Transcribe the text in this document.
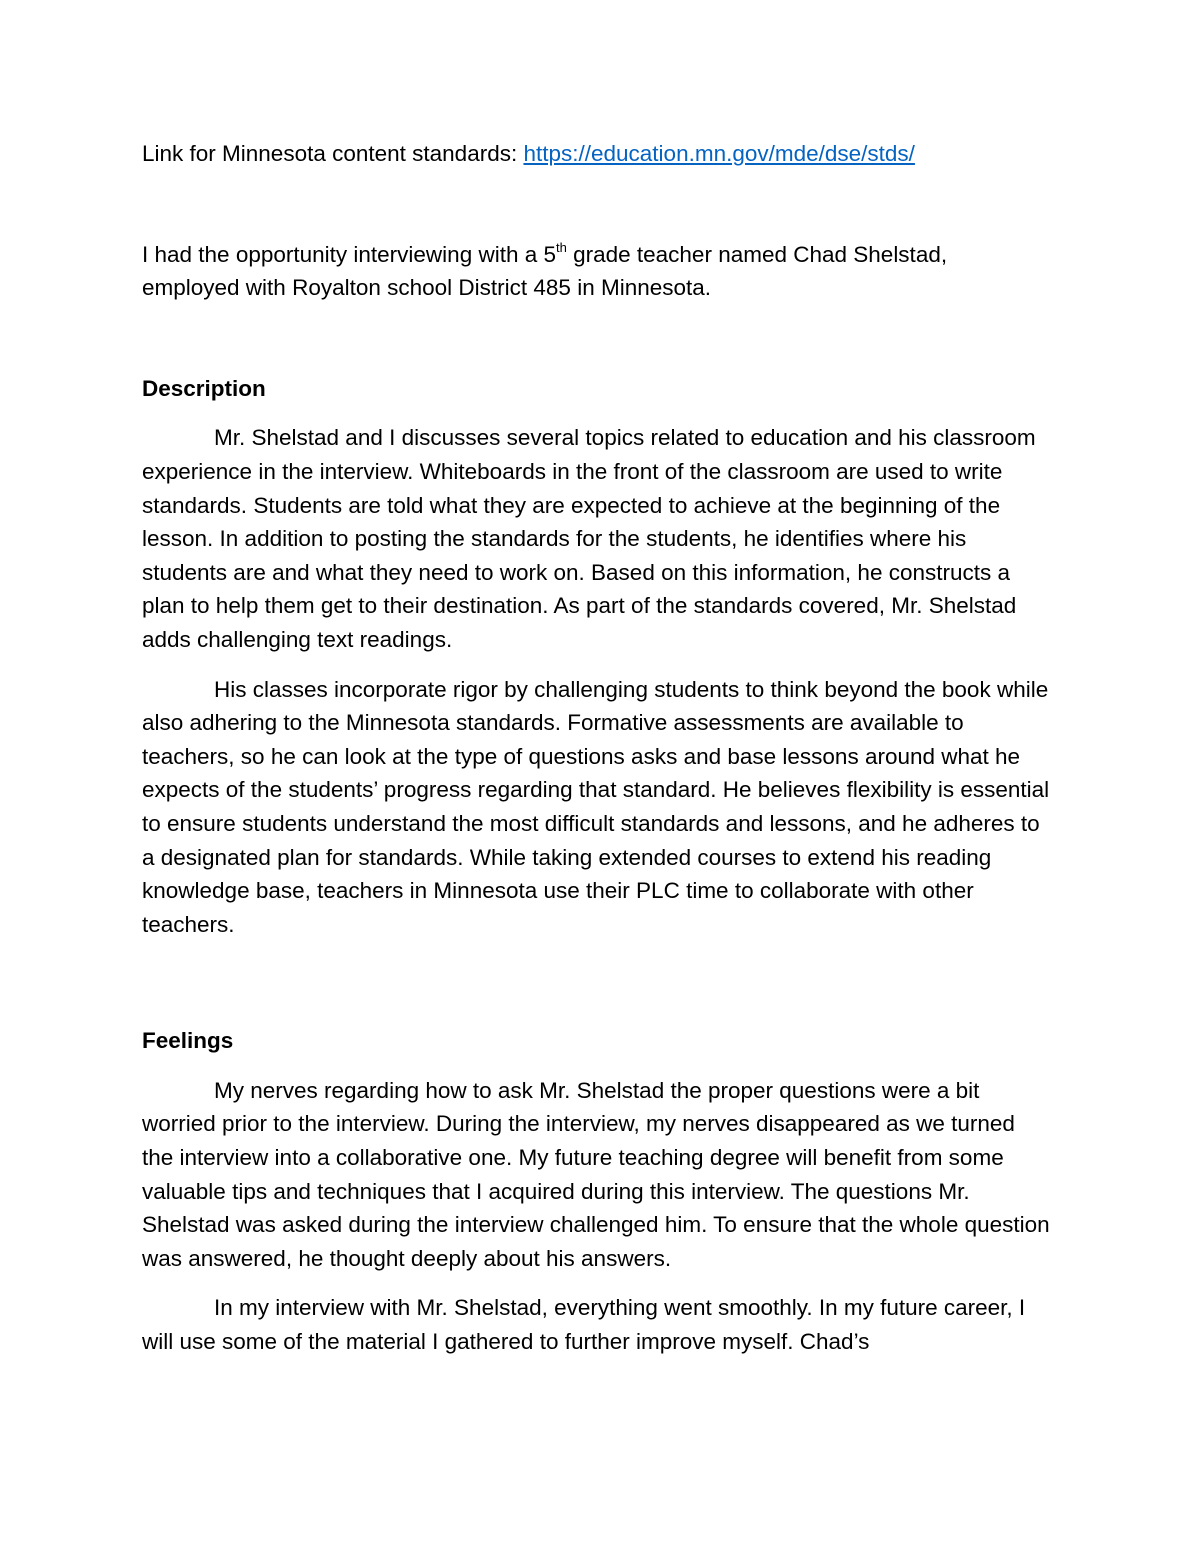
Link for Minnesota content standards: https://education.mn.gov/mde/dse/stds/

I had the opportunity interviewing with a 5th grade teacher named Chad Shelstad, employed with Royalton school District 485 in Minnesota.

Description

Mr. Shelstad and I discusses several topics related to education and his classroom experience in the interview. Whiteboards in the front of the classroom are used to write standards. Students are told what they are expected to achieve at the beginning of the lesson. In addition to posting the standards for the students, he identifies where his students are and what they need to work on. Based on this information, he constructs a plan to help them get to their destination. As part of the standards covered, Mr. Shelstad adds challenging text readings.

His classes incorporate rigor by challenging students to think beyond the book while also adhering to the Minnesota standards. Formative assessments are available to teachers, so he can look at the type of questions asks and base lessons around what he expects of the students’ progress regarding that standard. He believes flexibility is essential to ensure students understand the most difficult standards and lessons, and he adheres to a designated plan for standards. While taking extended courses to extend his reading knowledge base, teachers in Minnesota use their PLC time to collaborate with other teachers.

Feelings

My nerves regarding how to ask Mr. Shelstad the proper questions were a bit worried prior to the interview. During the interview, my nerves disappeared as we turned the interview into a collaborative one. My future teaching degree will benefit from some valuable tips and techniques that I acquired during this interview. The questions Mr. Shelstad was asked during the interview challenged him. To ensure that the whole question was answered, he thought deeply about his answers.

In my interview with Mr. Shelstad, everything went smoothly. In my future career, I will use some of the material I gathered to further improve myself. Chad’s
